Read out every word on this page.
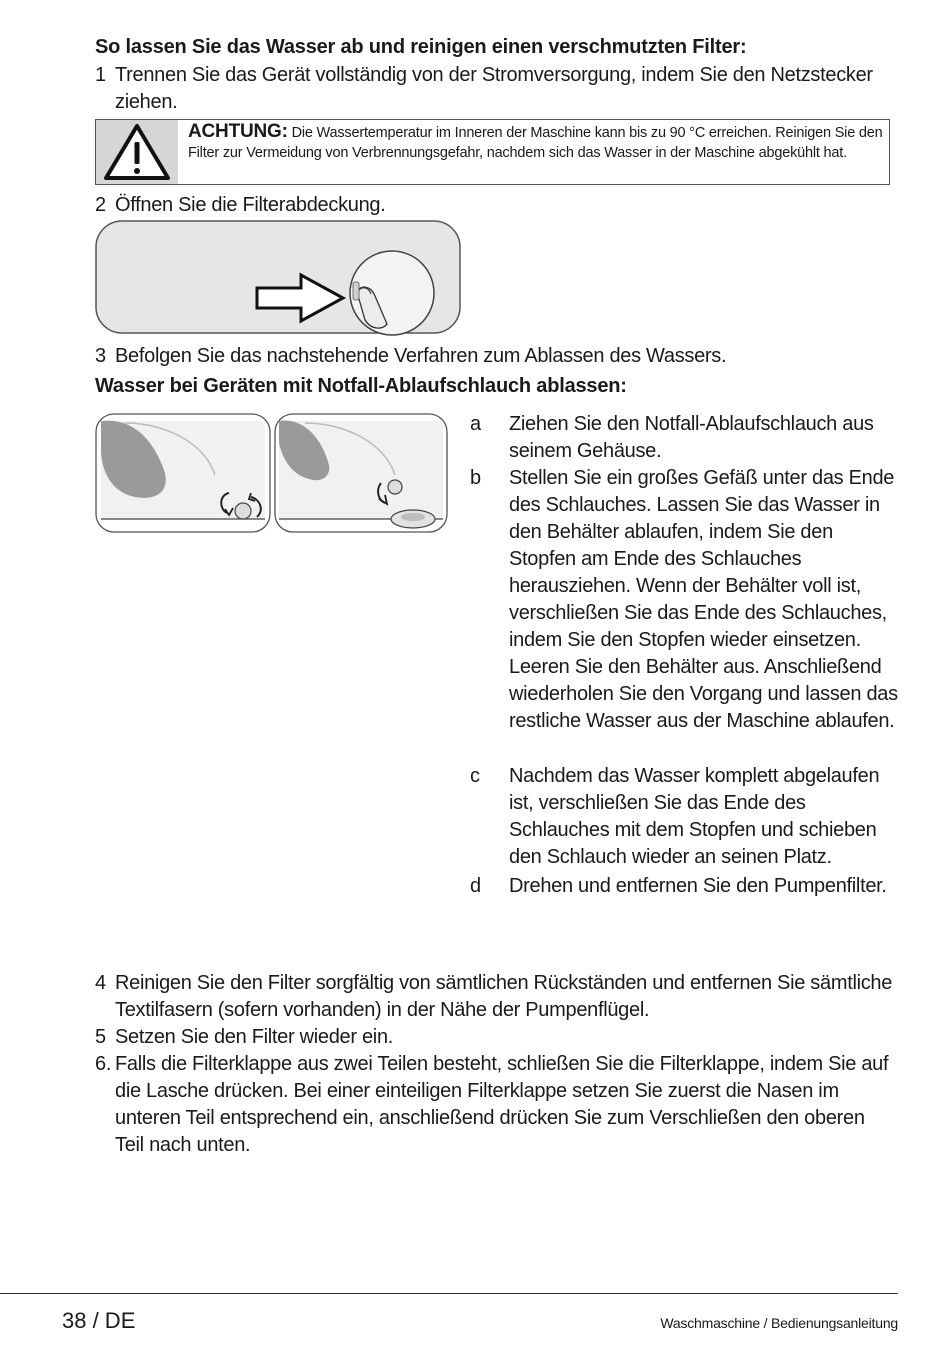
So lassen Sie das Wasser ab und reinigen einen verschmutzten Filter:
1 Trennen Sie das Gerät vollständig von der Stromversorgung, indem Sie den Netzstecker ziehen.
ACHTUNG: Die Wassertemperatur im Inneren der Maschine kann bis zu 90 °C erreichen. Reinigen Sie den Filter zur Vermeidung von Verbrennungsgefahr, nachdem sich das Wasser in der Maschine abgekühlt hat.
2 Öffnen Sie die Filterabdeckung.
3 Befolgen Sie das nachstehende Verfahren zum Ablassen des Wassers.
Wasser bei Geräten mit Notfall-Ablaufschlauch ablassen:
a	Ziehen Sie den Notfall-Ablaufschlauch aus seinem Gehäuse.
b	Stellen Sie ein großes Gefäß unter das Ende des Schlauches. Lassen Sie das Wasser in den Behälter ablaufen, indem Sie den Stopfen am Ende des Schlauches herausziehen. Wenn der Behälter voll ist, verschließen Sie das Ende des Schlauches, indem Sie den Stopfen wieder einsetzen. Leeren Sie den Behälter aus. Anschließend wiederholen Sie den Vorgang und lassen das restliche Wasser aus der Maschine ablaufen.
c	Nachdem das Wasser komplett abgelaufen ist, verschließen Sie das Ende des Schlauches mit dem Stopfen und schieben den Schlauch wieder an seinen Platz.
d	Drehen und entfernen Sie den Pumpenfilter.
4 Reinigen Sie den Filter sorgfältig von sämtlichen Rückständen und entfernen Sie sämtliche Textilfasern (sofern vorhanden) in der Nähe der Pumpenflügel.
5 Setzen Sie den Filter wieder ein.
6. Falls die Filterklappe aus zwei Teilen besteht, schließen Sie die Filterklappe, indem Sie auf die Lasche drücken. Bei einer einteiligen Filterklappe setzen Sie zuerst die Nasen im unteren Teil entsprechend ein, anschließend drücken Sie zum Verschließen den oberen Teil nach unten.
38 / DE	Waschmaschine / Bedienungsanleitung
